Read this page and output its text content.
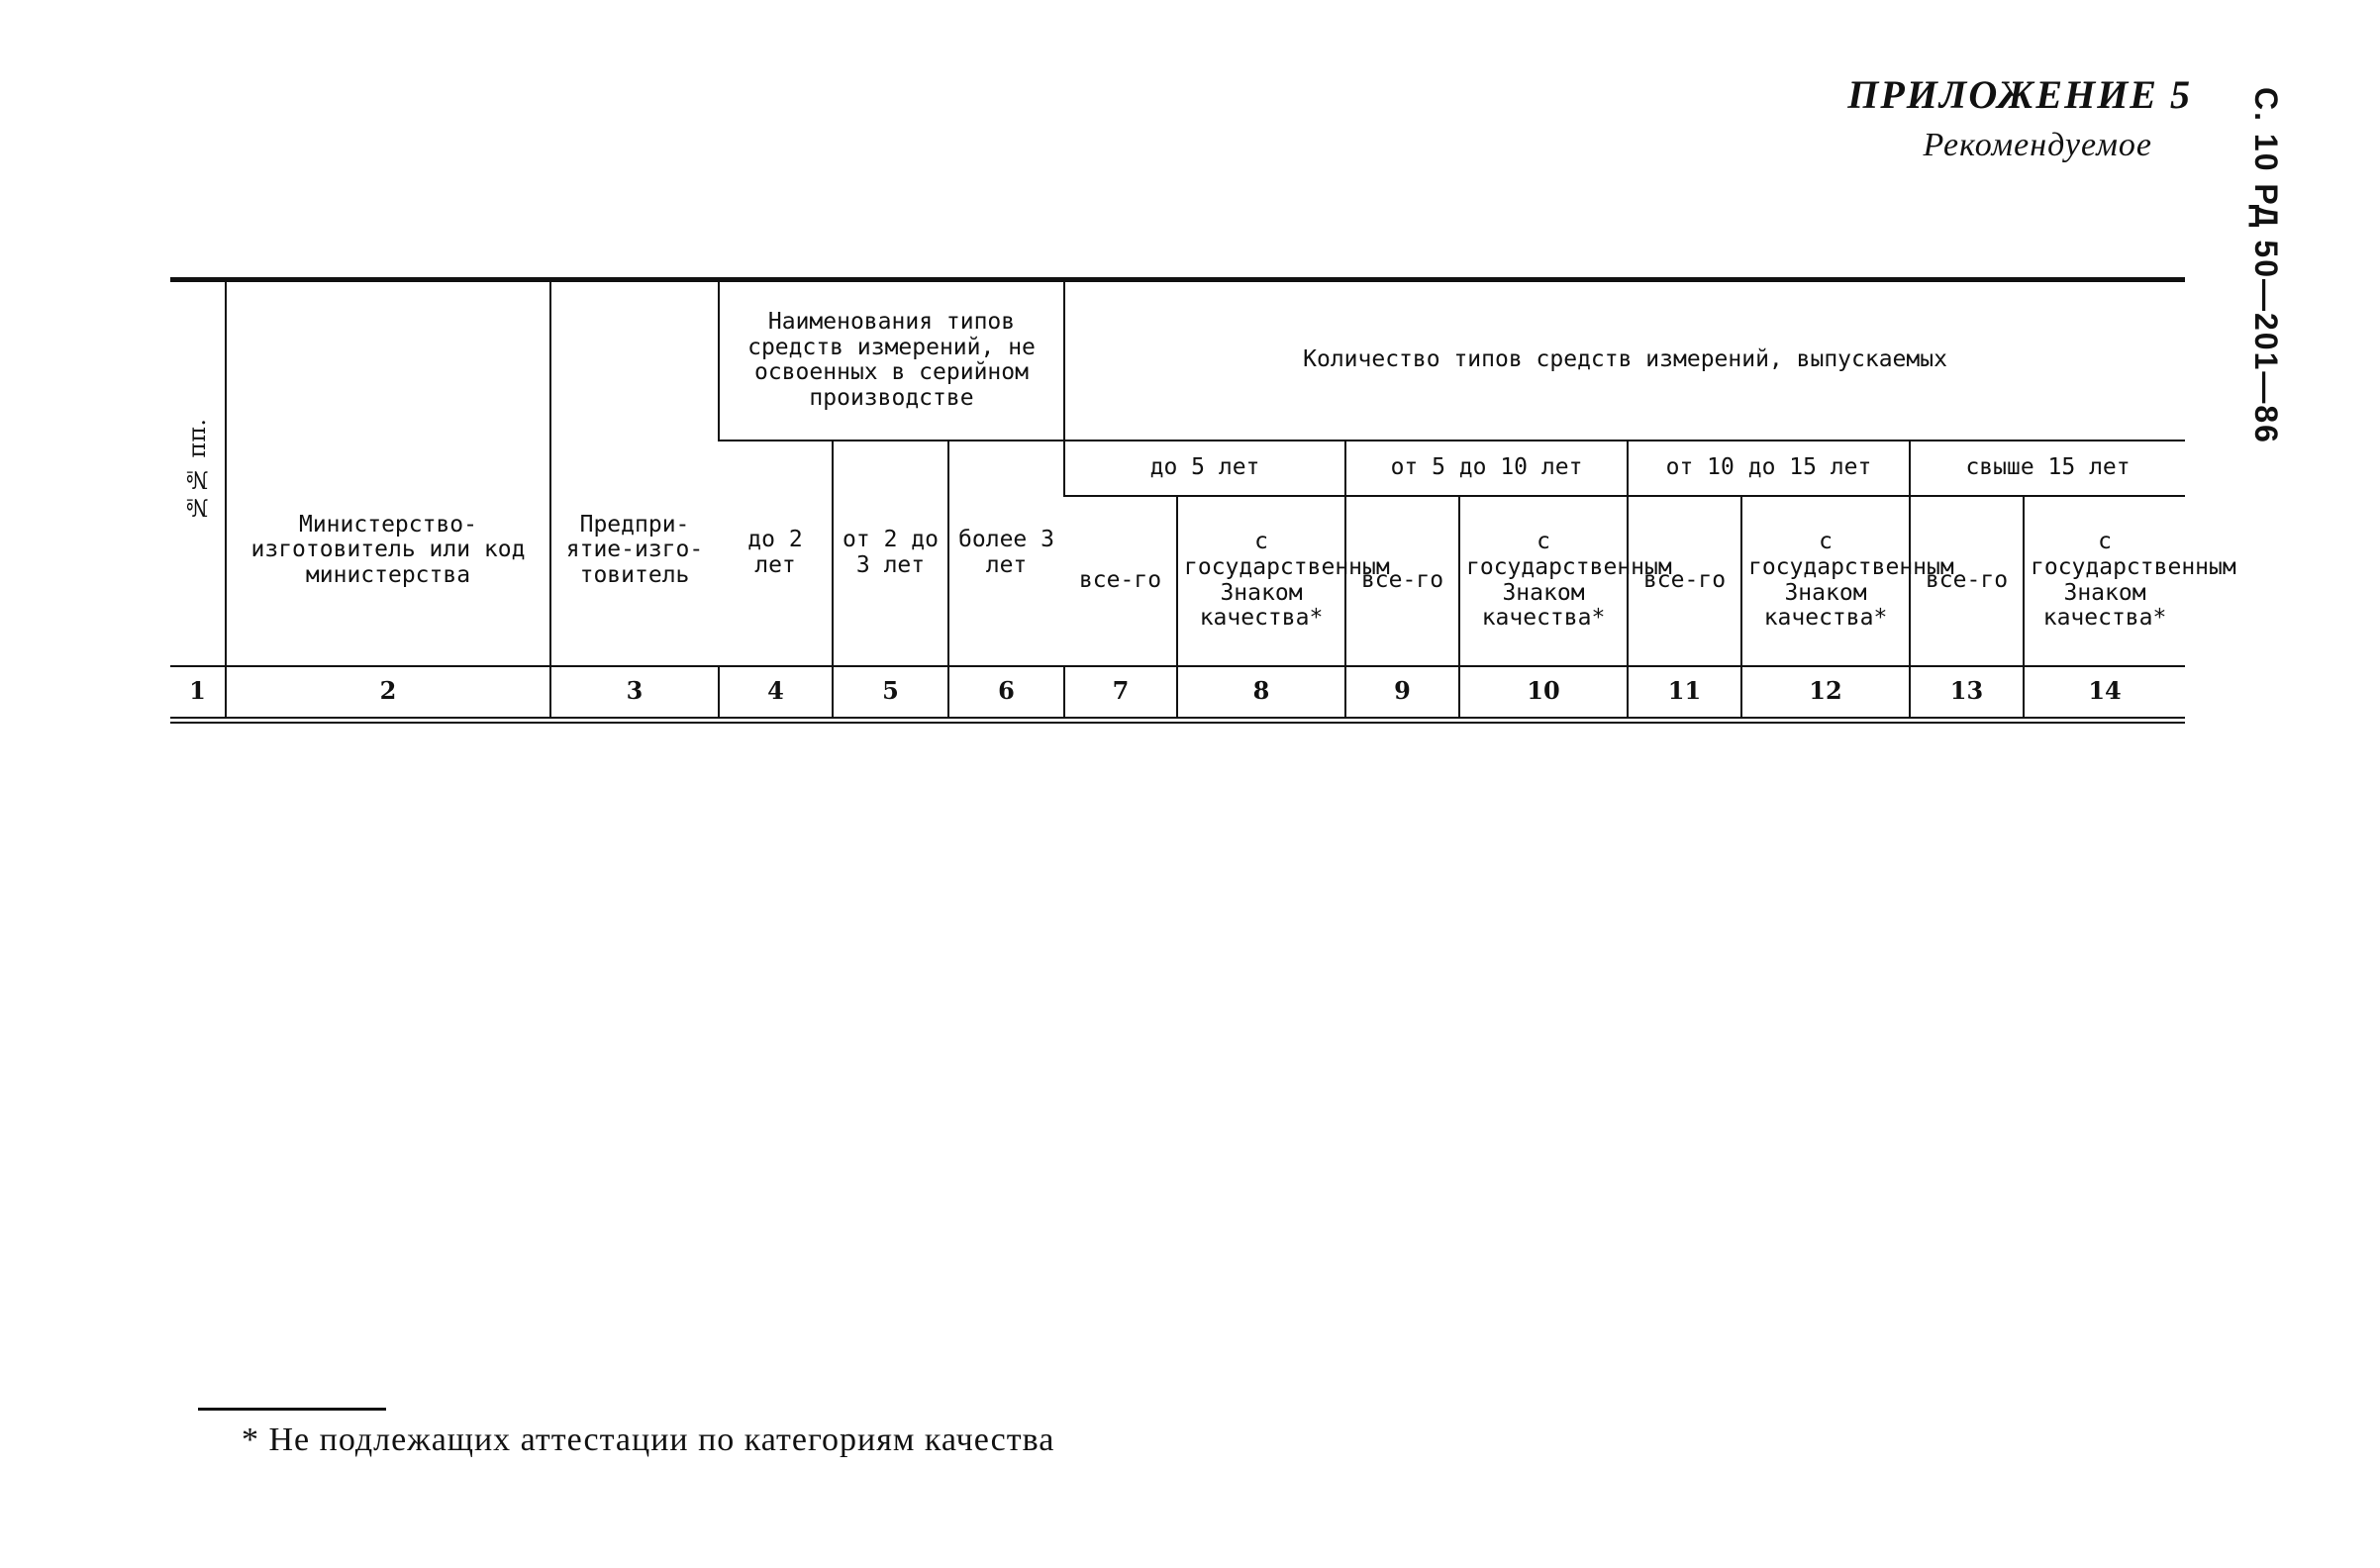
ПРИЛОЖЕНИЕ 5
Рекомендуемое	С. 10 РД 50—201—86
№№ пп.	Министерство-изготовитель или код министерства	Предпри-ятие-изго-товитель	Наименования типов средств измерений, не освоенных в серийном производстве			Количество типов средств измерений, выпускаемых							
			до 2 лет	от 2 до 3 лет	более 3 лет	до 5 лет		от 5 до 10 лет		от 10 до 15 лет		свыше 15 лет	
						все-го	с государственным Знаком качества*	все-го	с государственным Знаком качества*	все-го	с государственным Знаком качества*	все-го	с государственным Знаком качества*
1	2	3	4	5	6	7	8	9	10	11	12	13	14
* Не подлежащих аттестации по категориям качества
